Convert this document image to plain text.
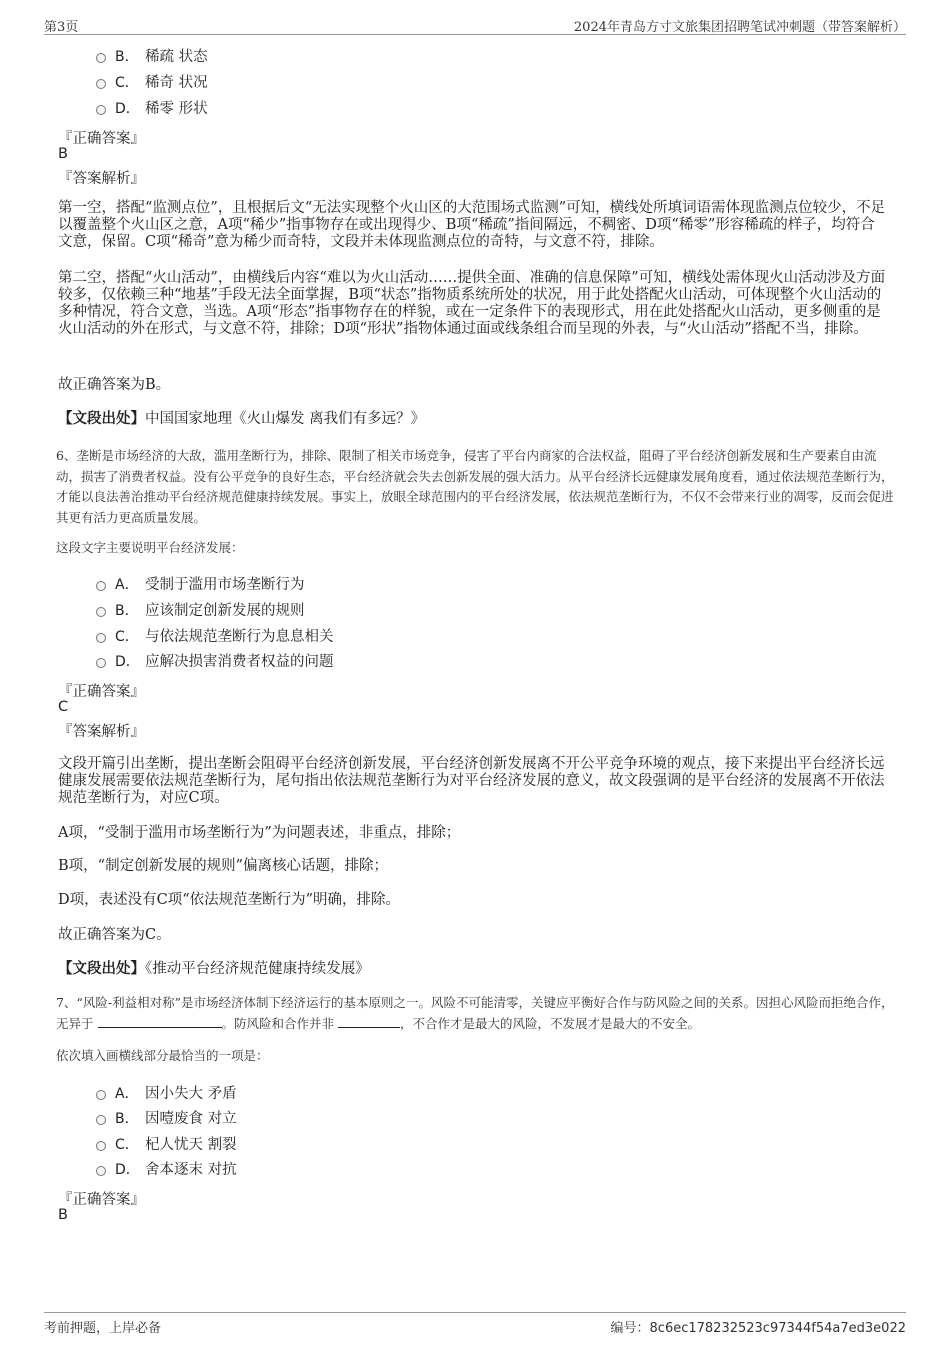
第3页	2024年青岛方寸文旅集团招聘笔试冲刺题（带答案解析）
B． 稀疏 状态
C． 稀奇 状况
D． 稀零 形状
『正确答案』
B
『答案解析』
第一空，搭配“监测点位”，且根据后文“无法实现整个火山区的大范围场式监测”可知，横线处所填词语需体现监测点位较少，不足以覆盖整个火山区之意，A项“稀少”指事物存在或出现得少、B项“稀疏”指间隔远，不稠密、D项“稀零”形容稀疏的样子，均符合文意，保留。C项“稀奇”意为稀少而奇特，文段并未体现监测点位的奇特，与文意不符，排除。
第二空，搭配“火山活动”，由横线后内容“难以为火山活动……提供全面、准确的信息保障”可知，横线处需体现火山活动涉及方面较多，仅依赖三种“地基”手段无法全面掌握，B项“状态”指物质系统所处的状况，用于此处搭配火山活动，可体现整个火山活动的多种情况，符合文意，当选。A项“形态”指事物存在的样貌，或在一定条件下的表现形式，用在此处搭配火山活动，更多侧重的是火山活动的外在形式，与文意不符，排除；D项“形状”指物体通过面或线条组合而呈现的外表，与“火山活动”搭配不当，排除。
故正确答案为B。
【文段出处】中国国家地理《火山爆发 离我们有多远？》
6、垄断是市场经济的大敌，滥用垄断行为，排除、限制了相关市场竞争，侵害了平台内商家的合法权益，阻碍了平台经济创新发展和生产要素自由流动，损害了消费者权益。没有公平竞争的良好生态，平台经济就会失去创新发展的强大活力。从平台经济长远健康发展角度看，通过依法规范垄断行为，才能以良法善治推动平台经济规范健康持续发展。事实上，放眼全球范围内的平台经济发展，依法规范垄断行为，不仅不会带来行业的凋零，反而会促进其更有活力更高质量发展。
这段文字主要说明平台经济发展：
A． 受制于滥用市场垄断行为
B． 应该制定创新发展的规则
C． 与依法规范垄断行为息息相关
D． 应解决损害消费者权益的问题
『正确答案』
C
『答案解析』
文段开篇引出垄断，提出垄断会阻碍平台经济创新发展，平台经济创新发展离不开公平竞争环境的观点，接下来提出平台经济长远健康发展需要依法规范垄断行为，尾句指出依法规范垄断行为对平台经济发展的意义，故文段强调的是平台经济的发展离不开依法规范垄断行为，对应C项。
A项，“受制于滥用市场垄断行为”为问题表述，非重点，排除；
B项，“制定创新发展的规则”偏离核心话题，排除；
D项，表述没有C项“依法规范垄断行为”明确，排除。
故正确答案为C。
【文段出处】《推动平台经济规范健康持续发展》
7、“风险-利益相对称”是市场经济体制下经济运行的基本原则之一。风险不可能清零，关键应平衡好合作与防风险之间的关系。因担心风险而拒绝合作，无异于	。防风险和合作并非	，不合作才是最大的风险，不发展才是最大的不安全。
依次填入画横线部分最恰当的一项是：
A． 因小失大 矛盾
B． 因噎废食 对立
C． 杞人忧天 割裂
D． 舍本逐末 对抗
『正确答案』
B
考前押题，上岸必备	编号：8c6ec178232523c97344f54a7ed3e022
